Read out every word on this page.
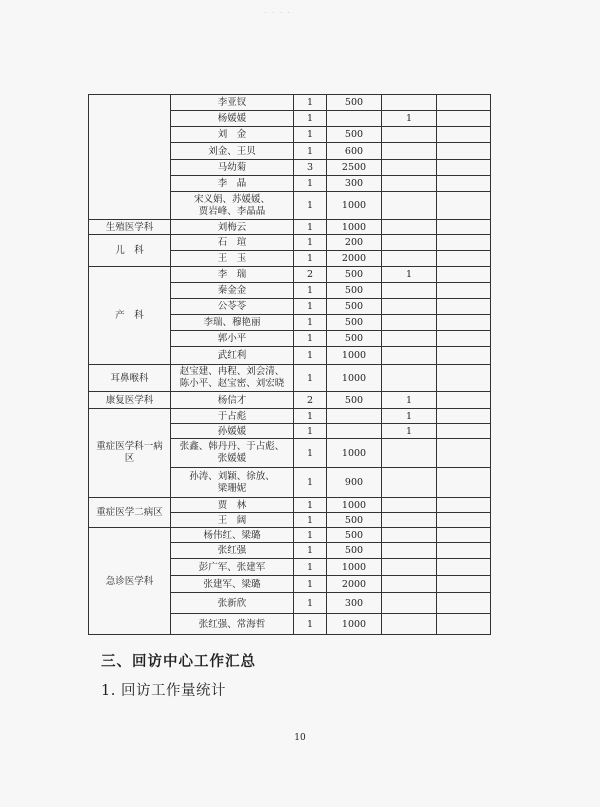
· · · ·
	李亚钗	1	500		
	杨媛媛	1		1	
	刘　金	1	500		
	刘金、王贝	1	600		
	马幼菊	3	2500		
	李　晶	1	300		
	宋义娟、苏媛媛、
贾岩峰、李晶晶	1	1000		
生殖医学科	刘梅云	1	1000		
儿　科	石　瑄	1	200		
	王　玉	1	2000		
产　科	李　瑞	2	500	1	
	秦金金	1	500		
	公苓苓	1	500		
	李瑞、穆艳丽	1	500		
	郭小平	1	500		
	武红利	1	1000		
耳鼻喉科	赵宝建、冉程、刘会清、
陈小平、赵宝密、刘宏晓	1	1000		
康复医学科	杨信才	2	500	1	
重症医学科一病
区	于占彪	1		1	
	孙媛媛	1		1	
	张鑫、韩丹丹、于占彪、
张媛媛	1	1000		
	孙涛、刘颖、徐放、
梁珊妮	1	900		
重症医学二病区	贾　林	1	1000		
	王　阔	1	500		
急诊医学科	杨伟红、梁璐	1	500		
	张红强	1	500		
	彭广军、张建军	1	1000		
	张建军、梁璐	1	2000		
	张新欣	1	300		
	张红强、常海哲	1	1000		
三、回访中心工作汇总
1. 回访工作量统计
10
